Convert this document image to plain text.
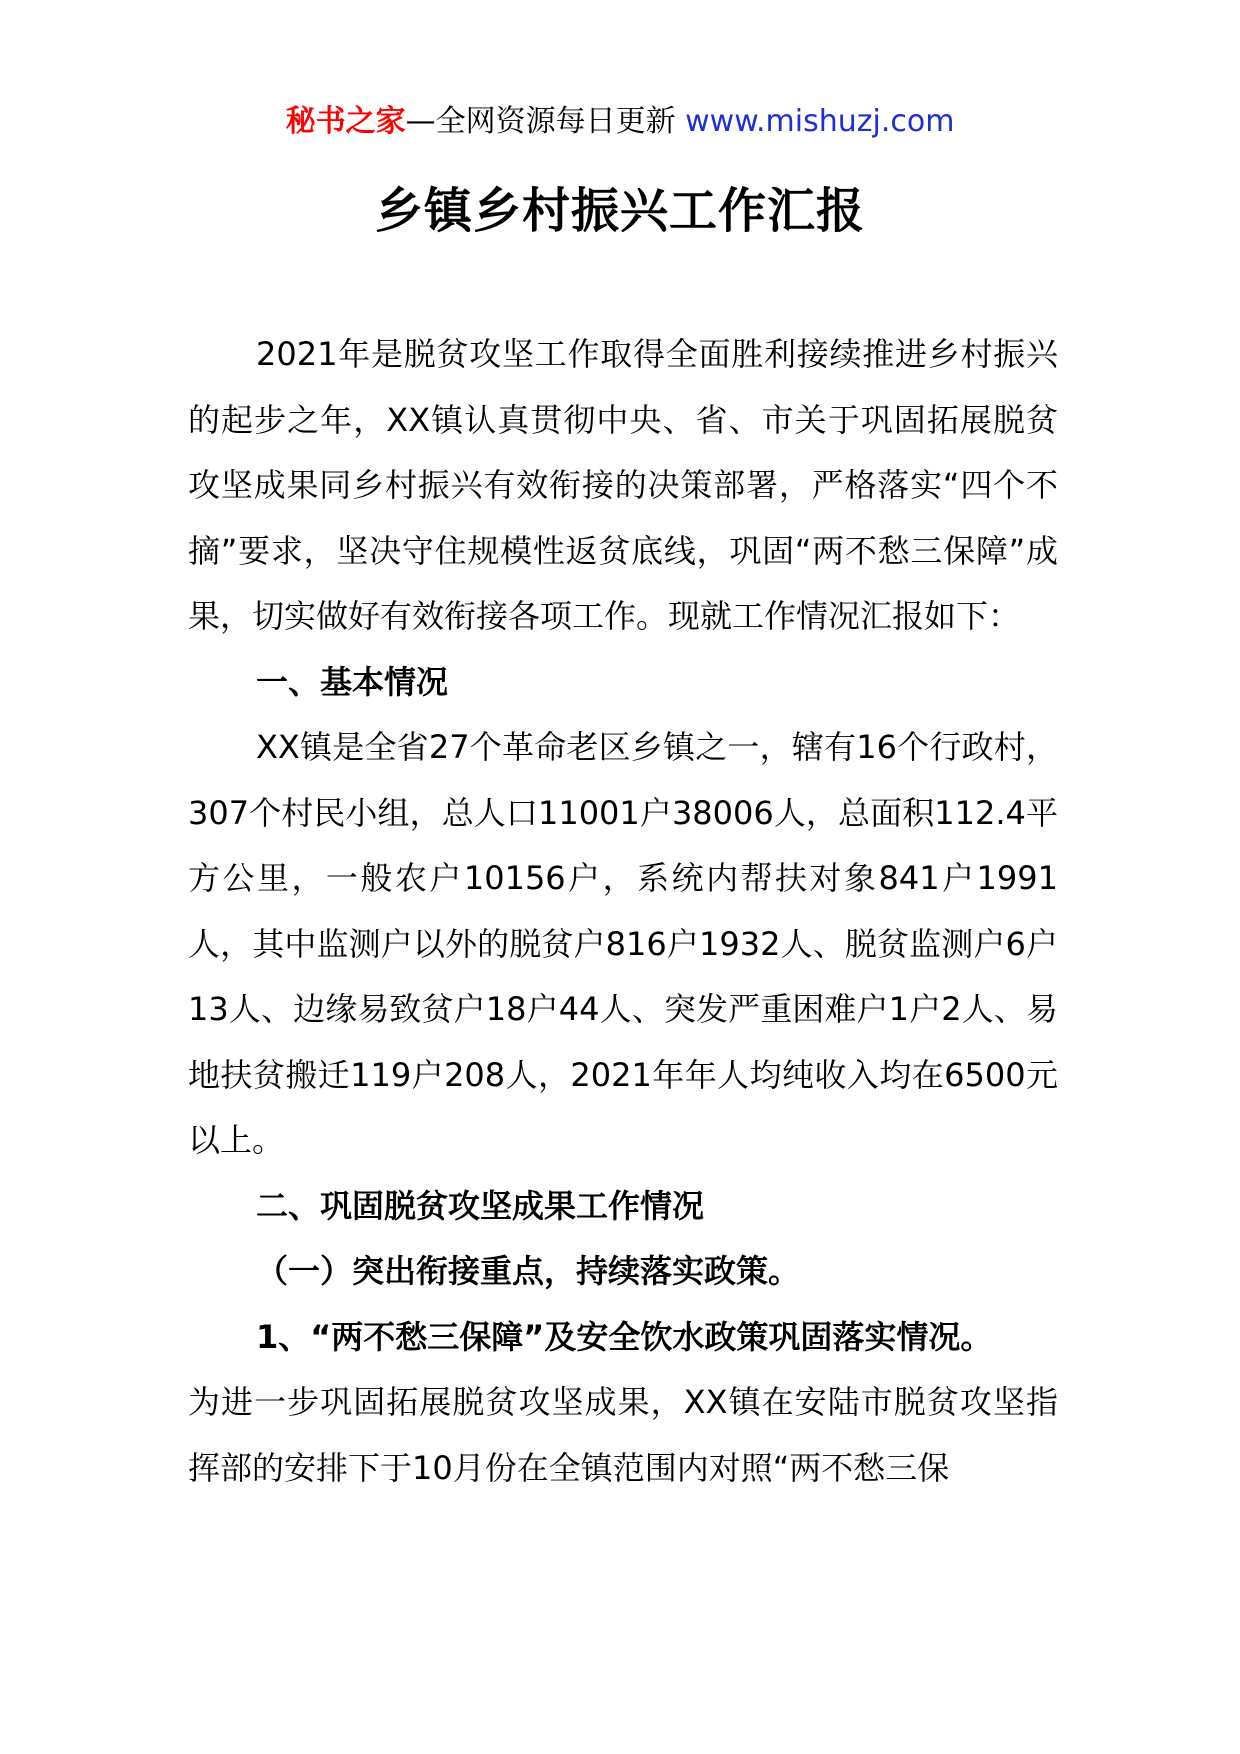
秘书之家—全网资源每日更新 www.mishuzj.com
乡镇乡村振兴工作汇报

2021年是脱贫攻坚工作取得全面胜利接续推进乡村振兴的起步之年，XX镇认真贯彻中央、省、市关于巩固拓展脱贫攻坚成果同乡村振兴有效衔接的决策部署，严格落实“四个不摘”要求，坚决守住规模性返贫底线，巩固“两不愁三保障”成果，切实做好有效衔接各项工作。现就工作情况汇报如下：

一、基本情况

XX镇是全省27个革命老区乡镇之一，辖有16个行政村，307个村民小组，总人口11001户38006人，总面积112.4平方公里，一般农户10156户，系统内帮扶对象841户1991人，其中监测户以外的脱贫户816户1932人、脱贫监测户6户13人、边缘易致贫户18户44人、突发严重困难户1户2人、易地扶贫搬迁119户208人，2021年年人均纯收入均在6500元以上。

二、巩固脱贫攻坚成果工作情况

（一）突出衔接重点，持续落实政策。

1、“两不愁三保障”及安全饮水政策巩固落实情况。

为进一步巩固拓展脱贫攻坚成果，XX镇在安陆市脱贫攻坚指挥部的安排下于10月份在全镇范围内对照“两不愁三保
